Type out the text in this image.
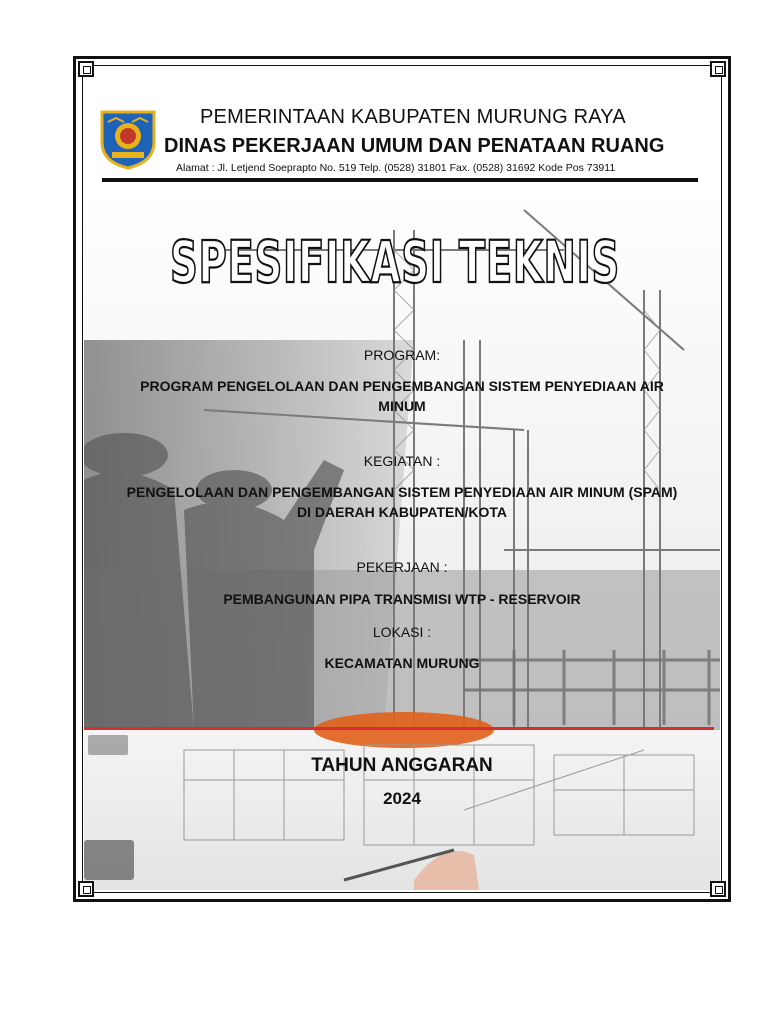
PEMERINTAAN KABUPATEN MURUNG RAYA
DINAS PEKERJAAN UMUM DAN PENATAAN RUANG
Alamat : Jl. Letjend Soeprapto No. 519 Telp. (0528) 31801 Fax. (0528) 31692 Kode Pos 73911
SPESIFIKASI TEKNIS
PROGRAM:
PROGRAM PENGELOLAAN DAN PENGEMBANGAN SISTEM PENYEDIAAN AIR
MINUM
KEGIATAN :
PENGELOLAAN DAN PENGEMBANGAN SISTEM PENYEDIAAN AIR MINUM (SPAM)
DI DAERAH KABUPATEN/KOTA
PEKERJAAN :
PEMBANGUNAN PIPA TRANSMISI WTP - RESERVOIR
LOKASI :
KECAMATAN MURUNG
TAHUN ANGGARAN
2024
